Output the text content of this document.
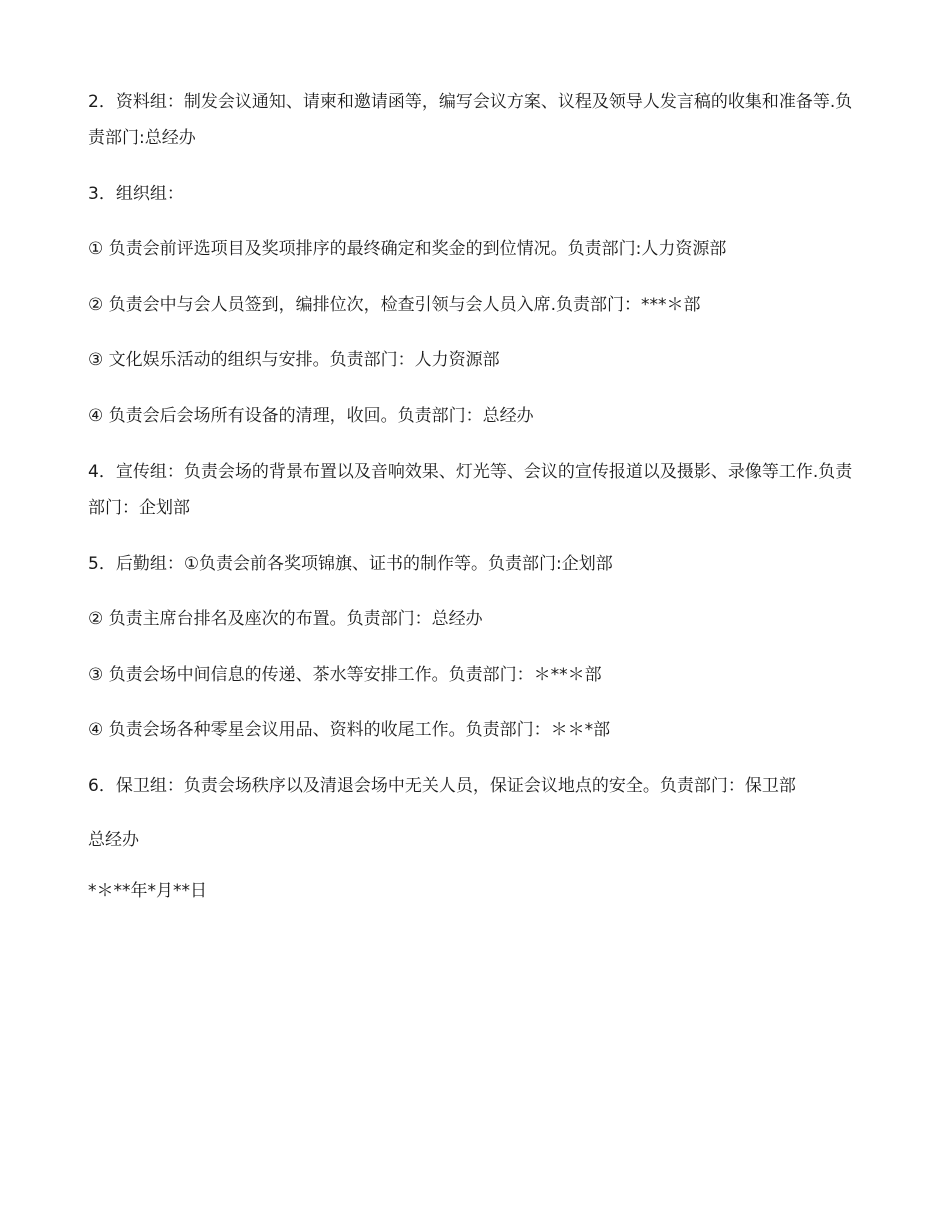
2．资料组：制发会议通知、请柬和邀请函等，编写会议方案、议程及领导人发言稿的收集和准备等.负责部门:总经办

3．组织组：

① 负责会前评选项目及奖项排序的最终确定和奖金的到位情况。负责部门:人力资源部

② 负责会中与会人员签到，编排位次，检查引领与会人员入席.负责部门：***＊部

③ 文化娱乐活动的组织与安排。负责部门：人力资源部

④ 负责会后会场所有设备的清理，收回。负责部门：总经办

4．宣传组：负责会场的背景布置以及音响效果、灯光等、会议的宣传报道以及摄影、录像等工作.负责部门：企划部

5．后勤组：①负责会前各奖项锦旗、证书的制作等。负责部门:企划部

② 负责主席台排名及座次的布置。负责部门：总经办

③ 负责会场中间信息的传递、茶水等安排工作。负责部门：＊**＊部

④ 负责会场各种零星会议用品、资料的收尾工作。负责部门：＊＊*部

6．保卫组：负责会场秩序以及清退会场中无关人员，保证会议地点的安全。负责部门：保卫部

总经办

*＊**年*月**日
